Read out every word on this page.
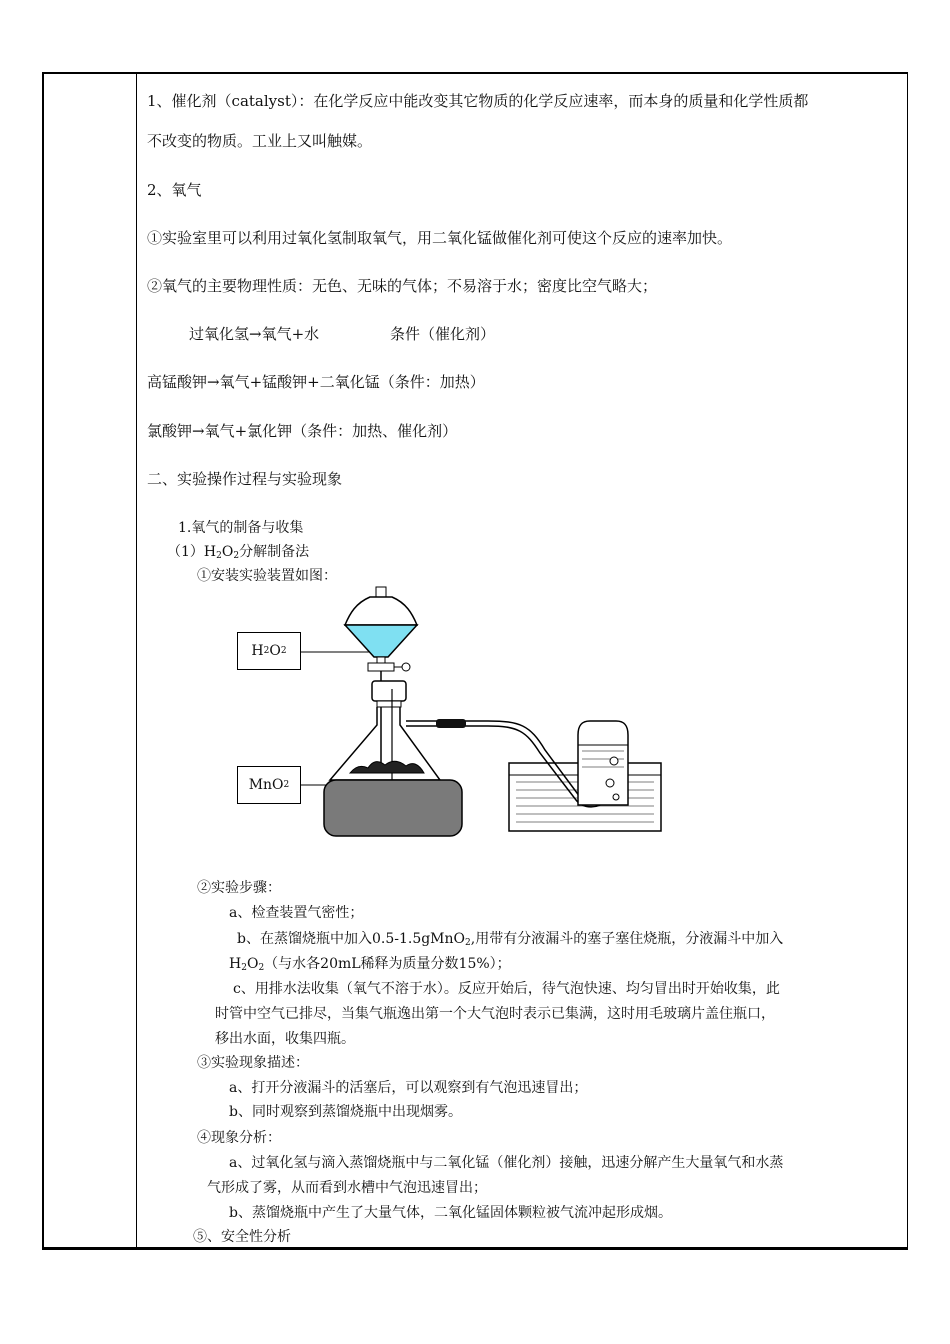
1、催化剂（catalyst）：在化学反应中能改变其它物质的化学反应速率，而本身的质量和化学性质都
不改变的物质。工业上又叫触媒。
2、氧气
①实验室里可以利用过氧化氢制取氧气，用二氧化锰做催化剂可使这个反应的速率加快。
②氧气的主要物理性质：无色、无味的气体；不易溶于水；密度比空气略大；
过氧化氢→氧气+水	条件（催化剂）
高锰酸钾→氧气+锰酸钾+二氧化锰（条件：加热）
氯酸钾→氧气+氯化钾（条件：加热、催化剂）
二、实验操作过程与实验现象
1.氧气的制备与收集
$(1)H_2O_2$分解制备法
①安装实验装置如图：
H 2 O 2
MnO 2
②实验步骤：
a、检查装置气密性；
b、在蒸馏烧瓶中加入0.5-1.5gMnO$_2$,用带有分液漏斗的塞子塞住烧瓶，分液漏斗中加入
$H_2O_2$（与水各20mL稀释为质量分数15%）；
c、用排水法收集（氧气不溶于水）。反应开始后，待气泡快速、均匀冒出时开始收集，此
时管中空气已排尽，当集气瓶逸出第一个大气泡时表示已集满，这时用毛玻璃片盖住瓶口，
移出水面，收集四瓶。
③实验现象描述：
a、打开分液漏斗的活塞后，可以观察到有气泡迅速冒出；
b、同时观察到蒸馏烧瓶中出现烟雾。
④现象分析：
a、过氧化氢与滴入蒸馏烧瓶中与二氧化锰（催化剂）接触，迅速分解产生大量氧气和水蒸
气形成了雾，从而看到水槽中气泡迅速冒出；
b、蒸馏烧瓶中产生了大量气体，二氧化锰固体颗粒被气流冲起形成烟。
⑤、安全性分析
